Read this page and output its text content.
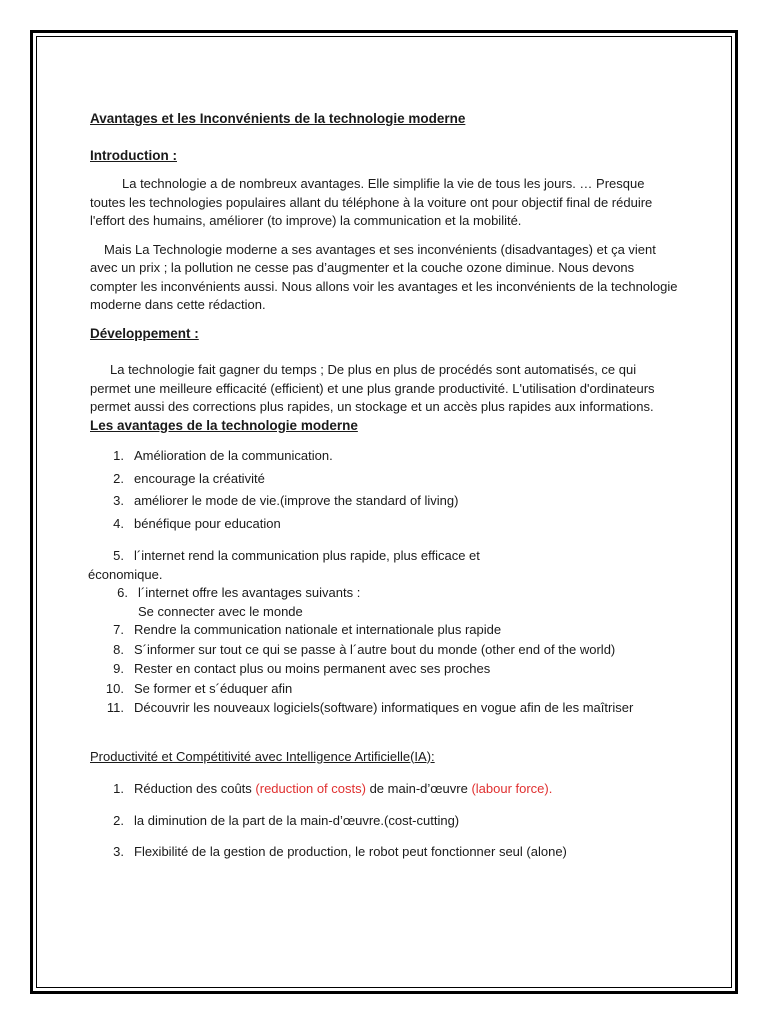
Avantages et les Inconvénients de la technologie moderne

Introduction :

La technologie a de nombreux avantages. Elle simplifie la vie de tous les jours. … Presque toutes les technologies populaires allant du téléphone à la voiture ont pour objectif final de réduire l'effort des humains, améliorer (to improve) la communication et la mobilité.

Mais La Technologie moderne a ses avantages et ses inconvénients (disadvantages) et ça vient avec un prix ; la pollution ne cesse pas d’augmenter et la couche ozone diminue. Nous devons compter les inconvénients aussi. Nous allons voir les avantages et les inconvénients de la technologie moderne dans cette rédaction.

Développement :

La technologie fait gagner du temps ; De plus en plus de procédés sont automatisés, ce qui permet une meilleure efficacité (efficient) et une plus grande productivité. L'utilisation d'ordinateurs permet aussi des corrections plus rapides, un stockage et un accès plus rapides aux informations.

Les avantages de la technologie moderne

1. Amélioration de la communication.
2. encourage la créativité
3. améliorer le mode de vie.(improve the standard of living)
4. bénéfique pour education
5. l´internet rend la communication plus rapide, plus efficace et

économique.

6. l´internet offre les avantages suivants :

Se connecter avec le monde

7. Rendre la communication nationale et internationale plus rapide
8. S´informer sur tout ce qui se passe à l´autre bout du monde (other end of the world)
9. Rester en contact plus ou moins permanent avec ses proches
10. Se former et s´éduquer afin
11. Découvrir les nouveaux logiciels(software) informatiques en vogue afin de les maîtriser

Productivité et Compétitivité avec Intelligence Artificielle(IA):

1. Réduction des coûts (reduction of costs) de main-d’œuvre (labour force).
2. la diminution de la part de la main-d’œuvre.(cost-cutting)
3. Flexibilité de la gestion de production, le robot peut fonctionner seul (alone)
